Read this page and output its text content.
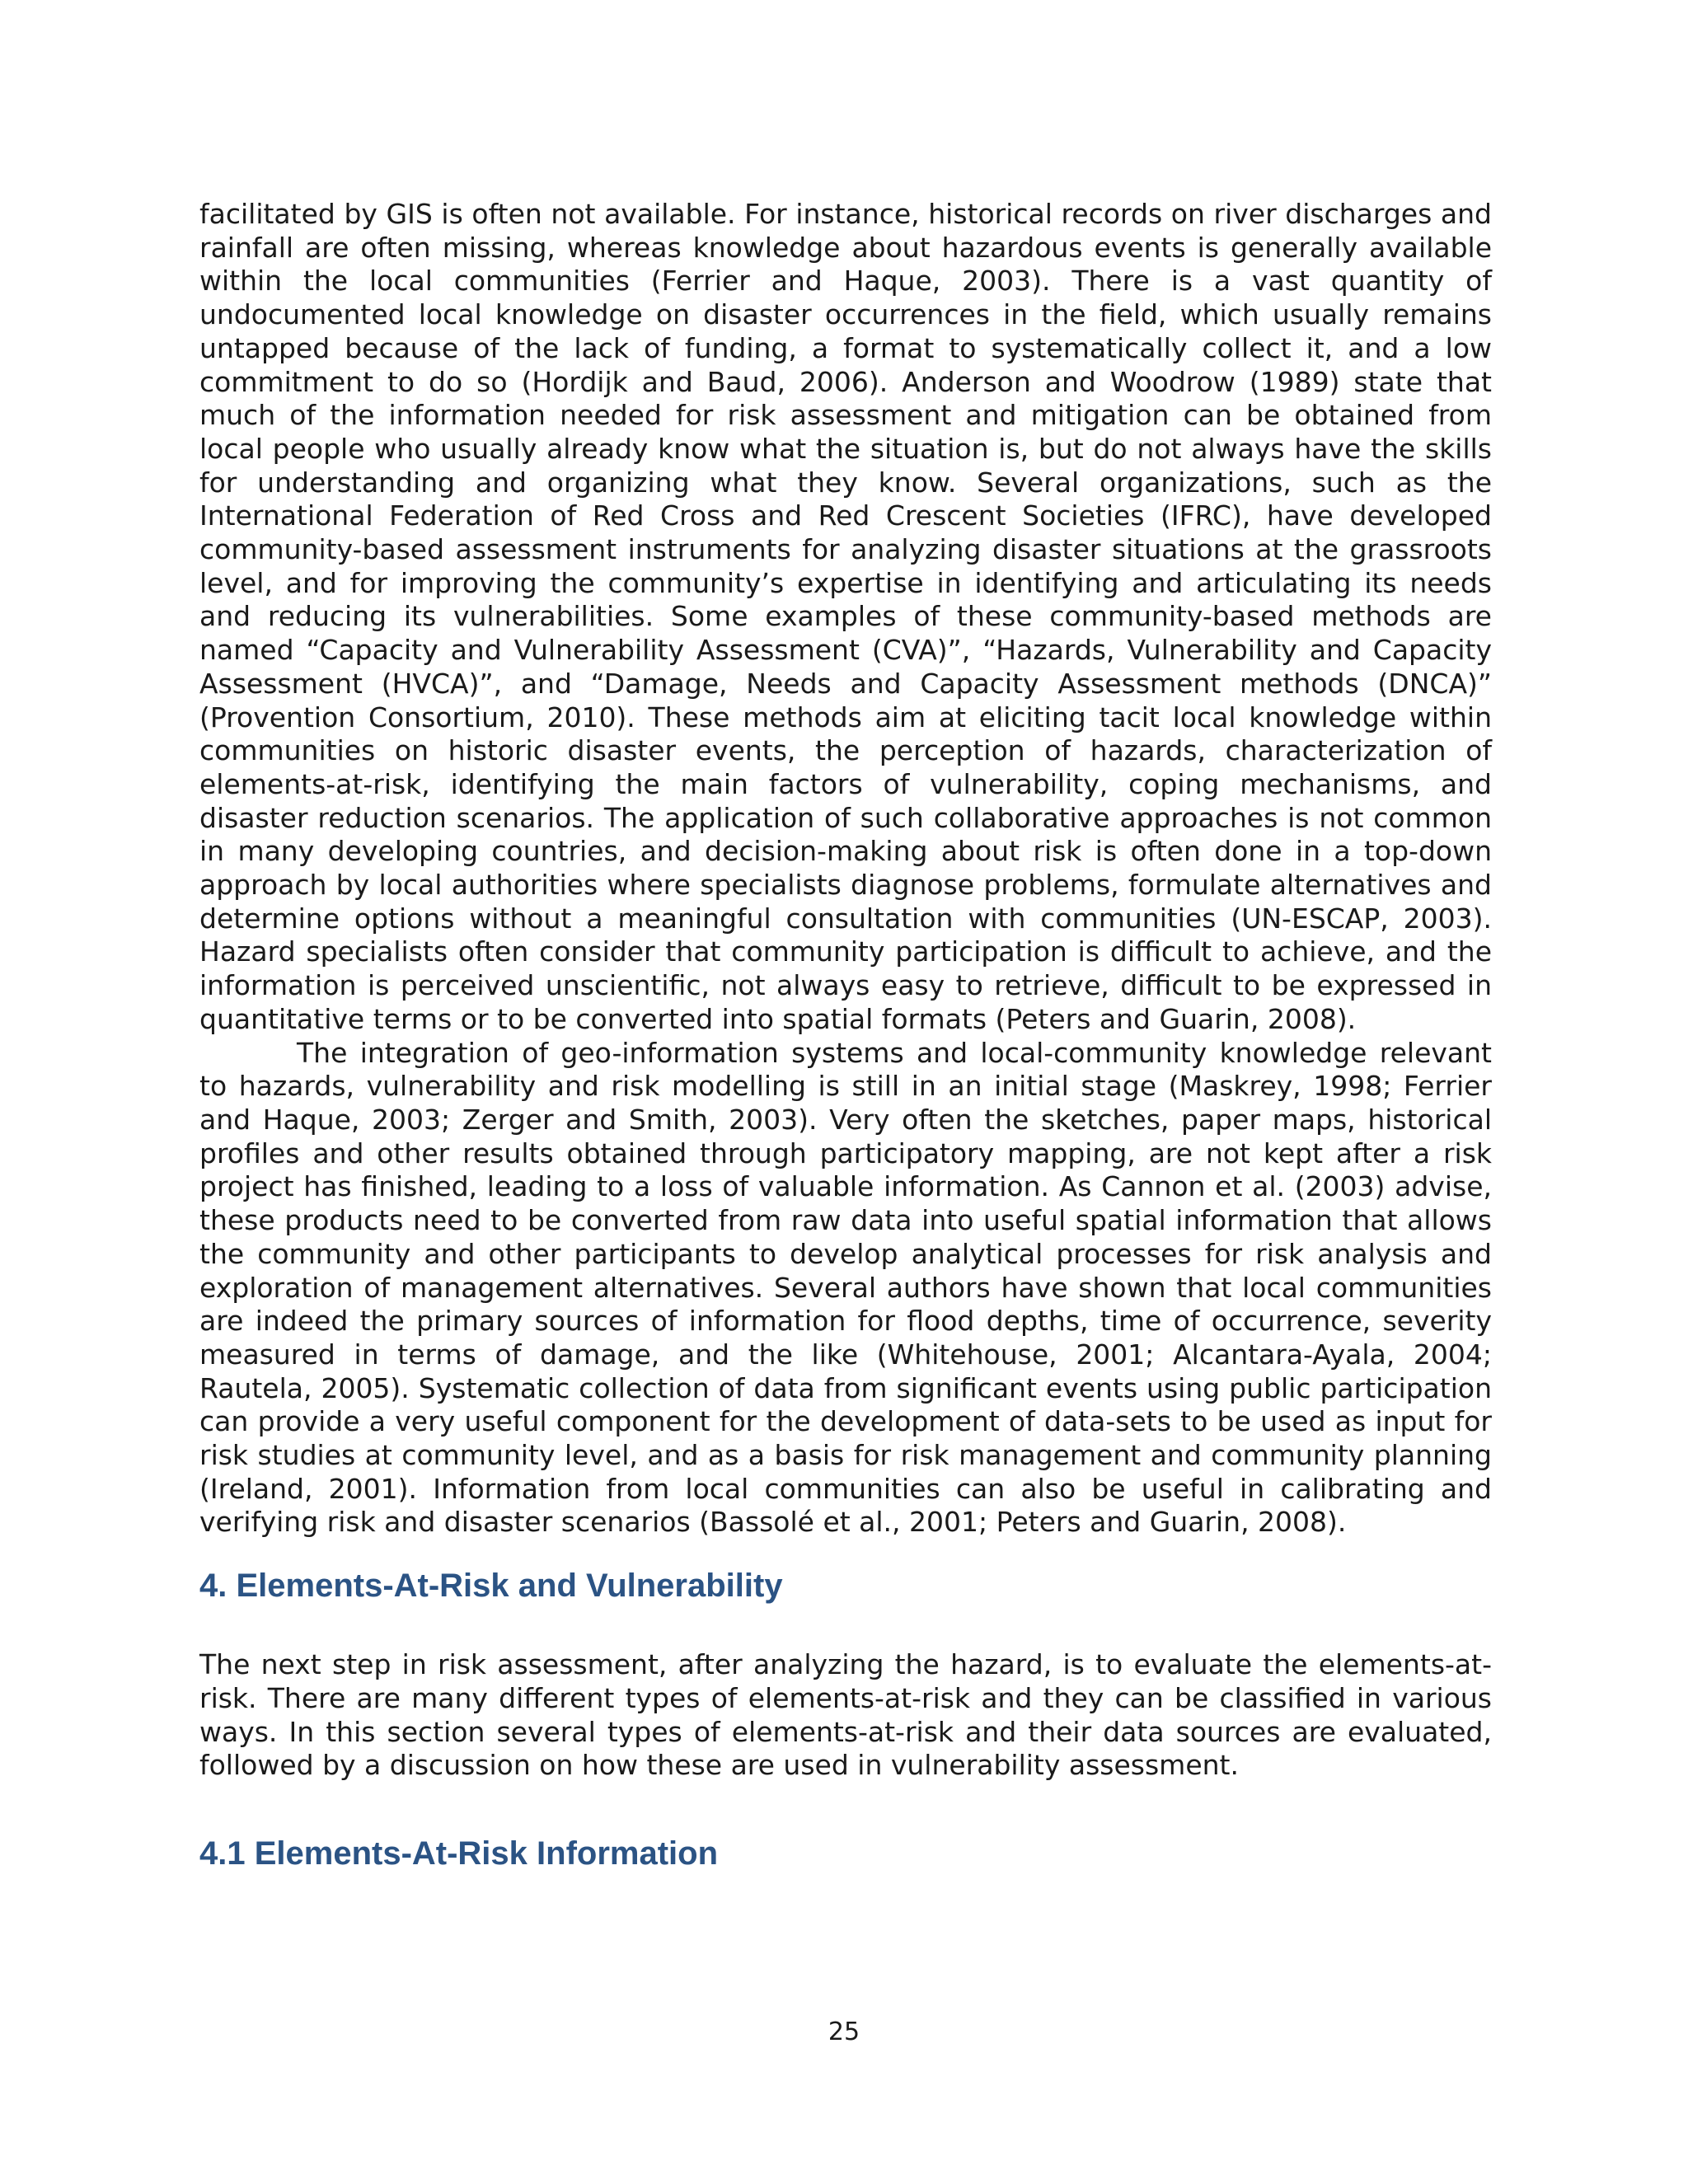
facilitated by GIS is often not available. For instance, historical records on river discharges and rainfall are often missing, whereas knowledge about hazardous events is generally available within the local communities (Ferrier and Haque, 2003). There is a vast quantity of undocumented local knowledge on disaster occurrences in the field, which usually remains untapped because of the lack of funding, a format to systematically collect it, and a low commitment to do so (Hordijk and Baud, 2006). Anderson and Woodrow (1989) state that much of the information needed for risk assessment and mitigation can be obtained from local people who usually already know what the situation is, but do not always have the skills for understanding and organizing what they know. Several organizations, such as the International Federation of Red Cross and Red Crescent Societies (IFRC), have developed community-based assessment instruments for analyzing disaster situations at the grassroots level, and for improving the community’s expertise in identifying and articulating its needs and reducing its vulnerabilities. Some examples of these community-based methods are named “Capacity and Vulnerability Assessment (CVA)”, “Hazards, Vulnerability and Capacity Assessment (HVCA)”, and “Damage, Needs and Capacity Assessment methods (DNCA)” (Provention Consortium, 2010). These methods aim at eliciting tacit local knowledge within communities on historic disaster events, the perception of hazards, characterization of elements-at-risk, identifying the main factors of vulnerability, coping mechanisms, and disaster reduction scenarios. The application of such collaborative approaches is not common in many developing countries, and decision-making about risk is often done in a top-down approach by local authorities where specialists diagnose problems, formulate alternatives and determine options without a meaningful consultation with communities (UN-ESCAP, 2003). Hazard specialists often consider that community participation is difficult to achieve, and the information is perceived unscientific, not always easy to retrieve, difficult to be expressed in quantitative terms or to be converted into spatial formats (Peters and Guarin, 2008).

The integration of geo-information systems and local-community knowledge relevant to hazards, vulnerability and risk modelling is still in an initial stage (Maskrey, 1998; Ferrier and Haque, 2003; Zerger and Smith, 2003). Very often the sketches, paper maps, historical profiles and other results obtained through participatory mapping, are not kept after a risk project has finished, leading to a loss of valuable information. As Cannon et al. (2003) advise, these products need to be converted from raw data into useful spatial information that allows the community and other participants to develop analytical processes for risk analysis and exploration of management alternatives. Several authors have shown that local communities are indeed the primary sources of information for flood depths, time of occurrence, severity measured in terms of damage, and the like (Whitehouse, 2001; Alcantara-Ayala, 2004; Rautela, 2005). Systematic collection of data from significant events using public participation can provide a very useful component for the development of data-sets to be used as input for risk studies at community level, and as a basis for risk management and community planning (Ireland, 2001). Information from local communities can also be useful in calibrating and verifying risk and disaster scenarios (Bassolé et al., 2001; Peters and Guarin, 2008).

4. Elements-At-Risk and Vulnerability

The next step in risk assessment, after analyzing the hazard, is to evaluate the elements-at-risk. There are many different types of elements-at-risk and they can be classified in various ways. In this section several types of elements-at-risk and their data sources are evaluated, followed by a discussion on how these are used in vulnerability assessment.

4.1 Elements-At-Risk Information
25
